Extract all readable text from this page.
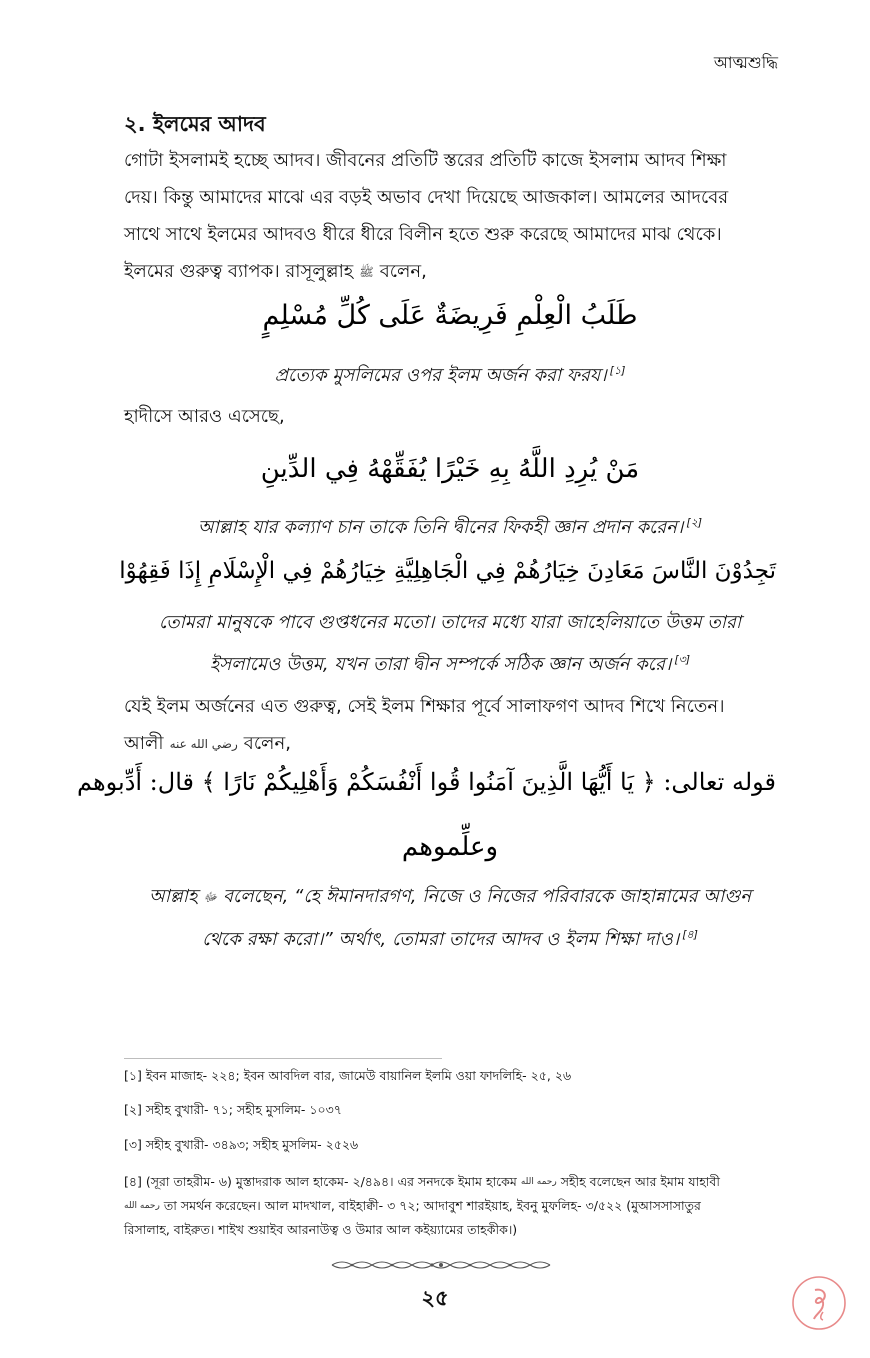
আত্মশুদ্ধি
২. ইলমের আদব
গোটা ইসলামই হচ্ছে আদব। জীবনের প্রতিটি স্তরের প্রতিটি কাজে ইসলাম আদব শিক্ষা
দেয়। কিন্তু আমাদের মাঝে এর বড়ই অভাব দেখা দিয়েছে আজকাল। আমলের আদবের
সাথে সাথে ইলমের আদবও ধীরে ধীরে বিলীন হতে শুরু করেছে আমাদের মাঝ থেকে।
ইলমের গুরুত্ব ব্যাপক। রাসূলুল্লাহ ﷺ বলেন,
طَلَبُ الْعِلْمِ فَرِيضَةٌ عَلَى كُلِّ مُسْلِمٍ
প্রত্যেক মুসলিমের ওপর ইলম অর্জন করা ফরয। [১]
হাদীসে আরও এসেছে,
مَنْ يُرِدِ اللَّهُ بِهِ خَيْرًا يُفَقِّهْهُ فِي الدِّينِ
আল্লাহ যার কল্যাণ চান তাকে তিনি দ্বীনের ফিকহী জ্ঞান প্রদান করেন। [২]
تَجِدُوْنَ النَّاسَ مَعَادِنَ خِيَارُهُمْ فِي الْجَاهِلِيَّةِ خِيَارُهُمْ فِي الْإِسْلَامِ إِذَا فَقِهُوْا
তোমরা মানুষকে পাবে গুপ্তধনের মতো। তাদের মধ্যে যারা জাহেলিয়াতে উত্তম তারা
ইসলামেও উত্তম, যখন তারা দ্বীন সম্পর্কে সঠিক জ্ঞান অর্জন করে। [৩]
যেই ইলম অর্জনের এত গুরুত্ব, সেই ইলম শিক্ষার পূর্বে সালাফগণ আদব শিখে নিতেন।
আলী رضي الله عنه বলেন,
قوله تعالى: ﴿ يَا أَيُّهَا الَّذِينَ آمَنُوا قُوا أَنْفُسَكُمْ وَأَهْلِيكُمْ نَارًا ﴾ قال: أَدِّبوهم
وعلِّموهم
আল্লাহ ﷻ বলেছেন, “হে ঈমানদারগণ, নিজে ও নিজের পরিবারকে জাহান্নামের আগুন
থেকে রক্ষা করো।” অর্থাৎ, তোমরা তাদের আদব ও ইলম শিক্ষা দাও। [৪]
[১] ইবন মাজাহ- ২২৪; ইবন আবদিল বার, জামেউ বায়ানিল ইলমি ওয়া ফাদলিহি- ২৫, ২৬
[২] সহীহ বুখারী- ৭১; সহীহ মুসলিম- ১০৩৭
[৩] সহীহ বুখারী- ৩৪৯৩; সহীহ মুসলিম- ২৫২৬
[৪] (সূরা তাহরীম- ৬) মুস্তাদরাক আল হাকেম- ২/৪৯৪। এর সনদকে ইমাম হাকেম رحمه الله সহীহ বলেছেন আর ইমাম যাহাবী
رحمه الله তা সমর্থন করেছেন। আল মাদখাল, বাইহাক্বী- ৩ ৭২; আদাবুশ শারইয়াহ, ইবনু মুফলিহ- ৩/৫২২ (মুআসসাসাতুর
রিসালাহ, বাইরুত। শাইখ শুয়াইব আরনাউত্ব ও উমার আল কইয়্যামের তাহকীক।)
২৫
